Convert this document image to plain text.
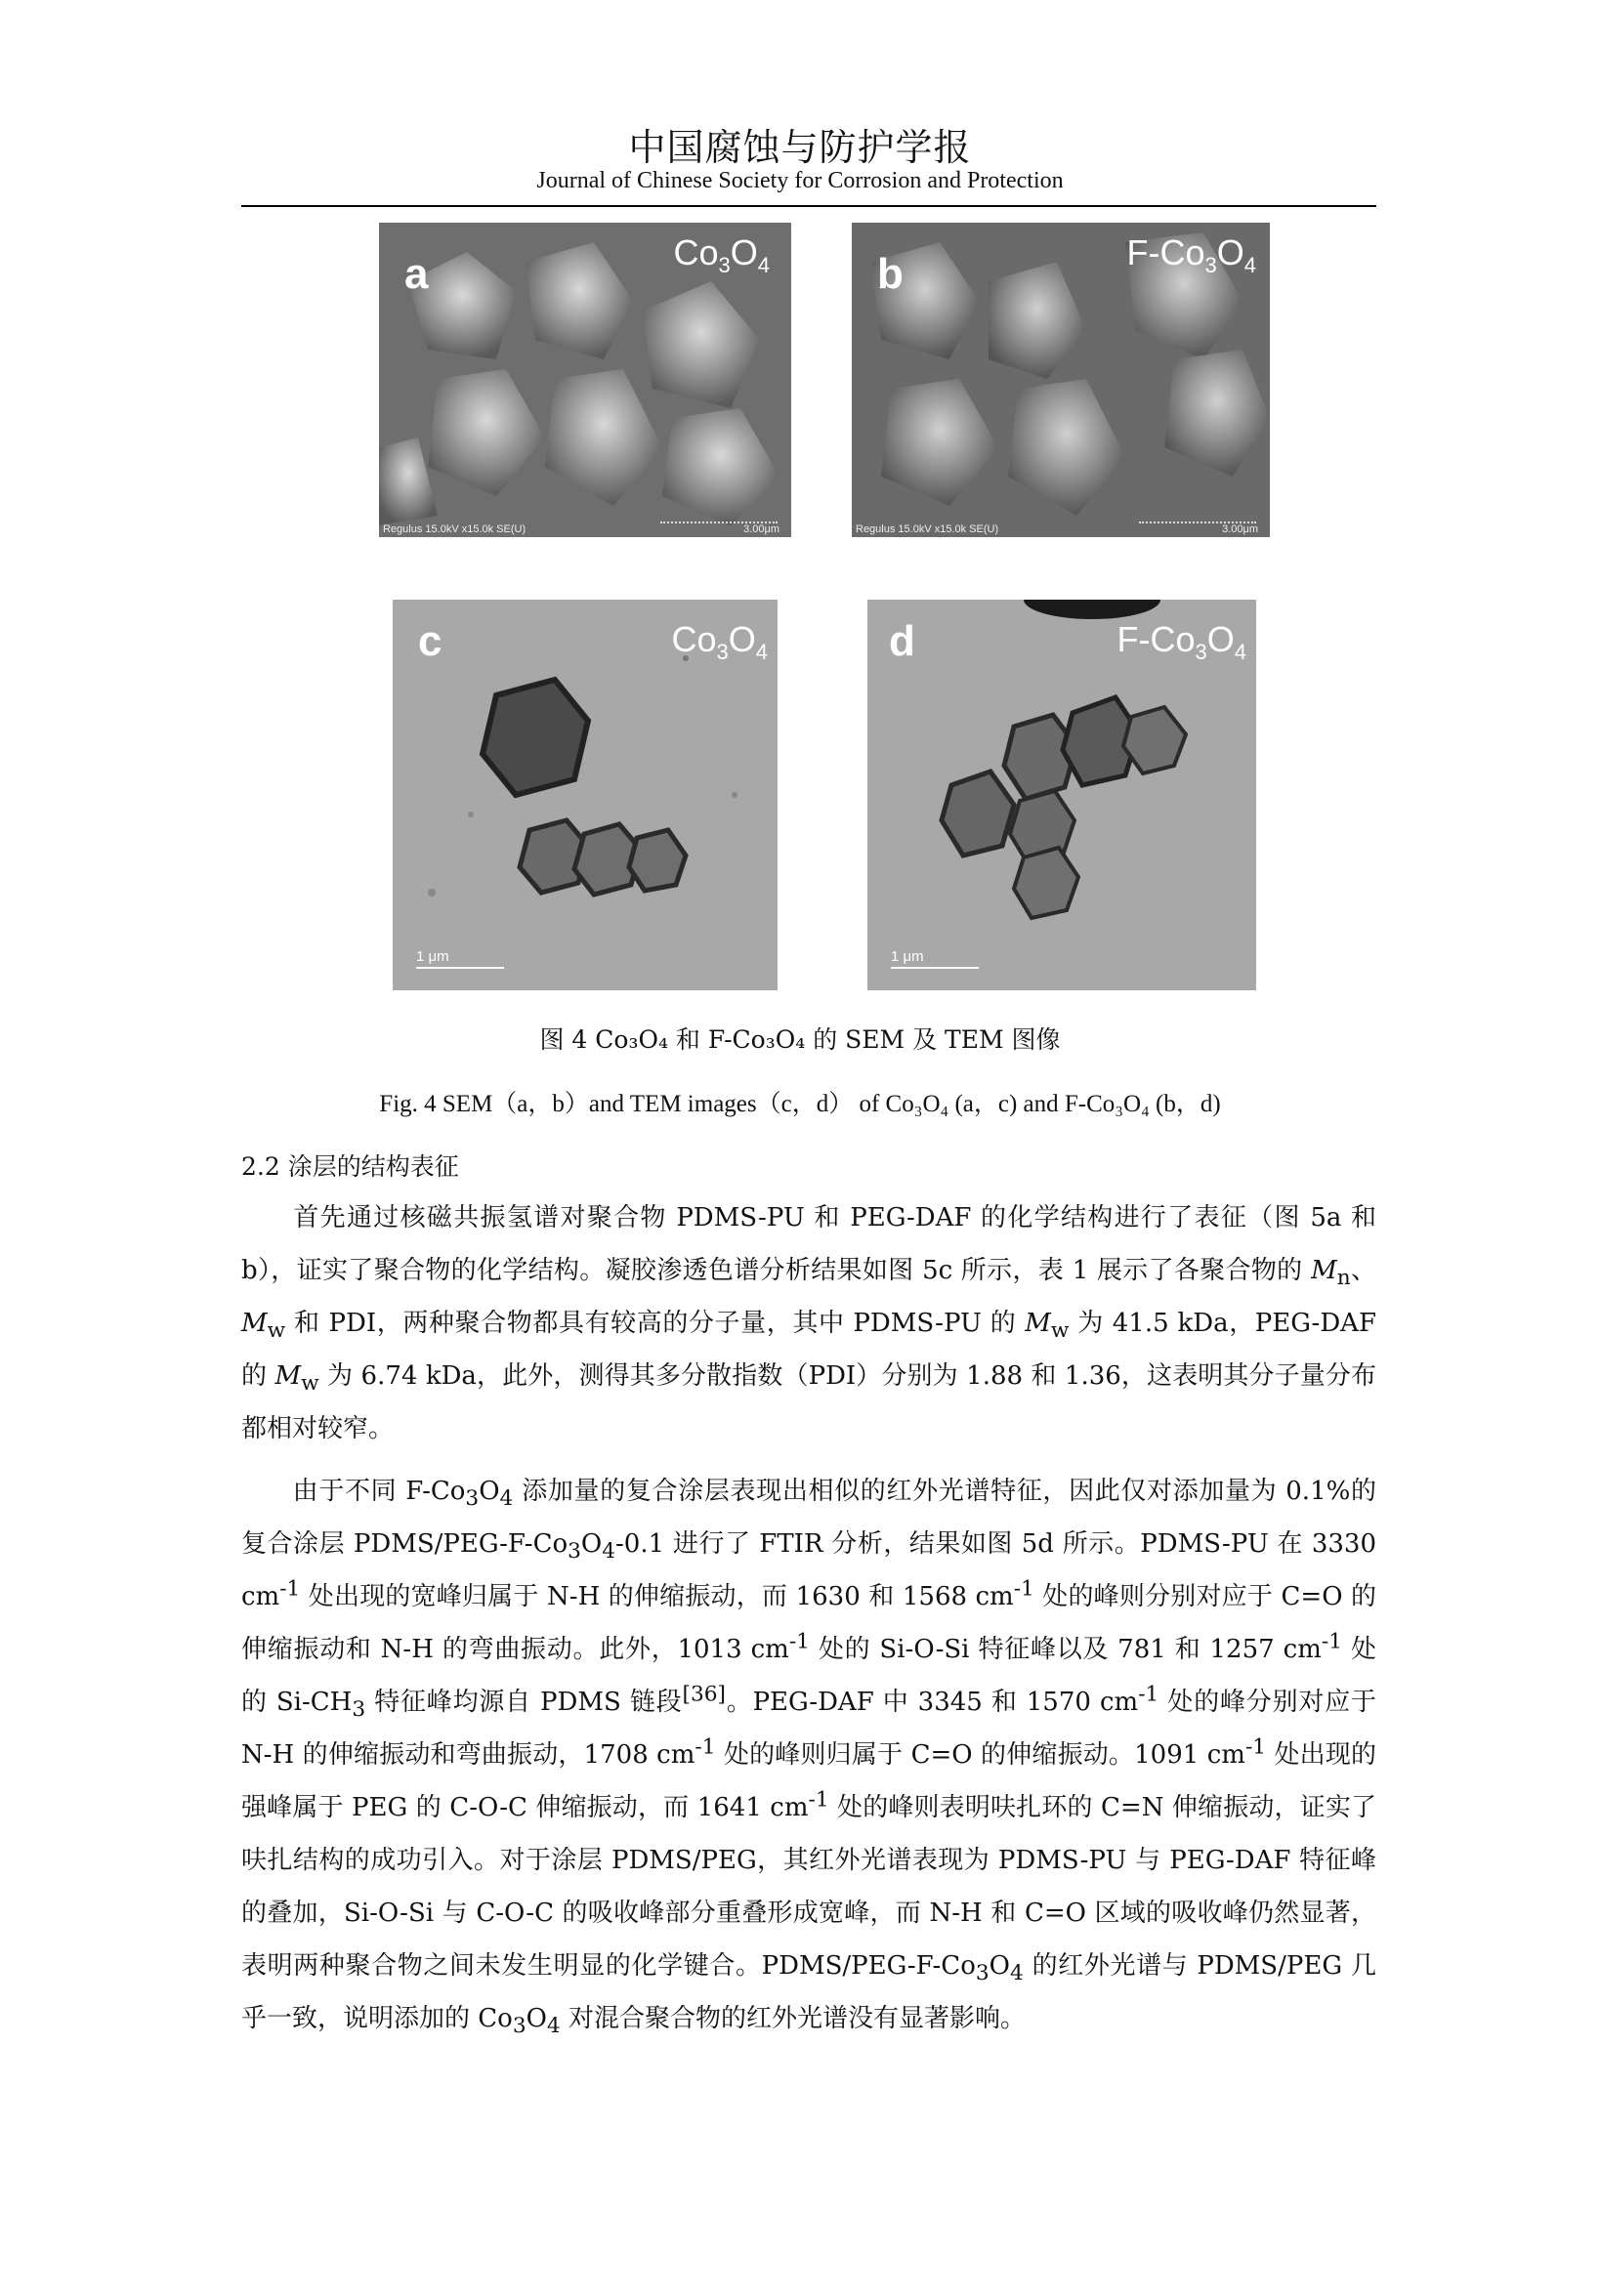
中国腐蚀与防护学报
Journal of Chinese Society for Corrosion and Protection
a	$Co_3O_4$
Regulus 15.0kV x15.0k SE(U)	3.00μm
b	$F-Co_3O_4$
Regulus 15.0kV x15.0k SE(U)	3.00μm
c	$Co_3O_4$
1 μm
d	$F-Co_3O_4$
1 μm
图 4 Co₃O₄ 和 F-Co₃O₄ 的 SEM 及 TEM 图像
Fig. 4 SEM（a，b）and TEM images（c，d） of Co₃O₄ (a，c) and F-Co₃O₄ (b，d)
2.2 涂层的结构表征
首先通过核磁共振氢谱对聚合物 PDMS-PU 和 PEG-DAF 的化学结构进行了表征（图 5a 和 b），证实了聚合物的化学结构。凝胶渗透色谱分析结果如图 5c 所示，表 1 展示了各聚合物的 $M_n$、$M_w$ 和 PDI，两种聚合物都具有较高的分子量，其中 PDMS-PU 的 $M_w$ 为 41.5 kDa，PEG-DAF 的 $M_w$ 为 6.74 kDa，此外，测得其多分散指数（PDI）分别为 1.88 和 1.36，这表明其分子量分布都相对较窄。
由于不同 $F-Co_3O_4$ 添加量的复合涂层表现出相似的红外光谱特征，因此仅对添加量为 0.1%的复合涂层 PDMS/$PEG-F-Co_3O_4-0.1$ 进行了 FTIR 分析，结果如图 5d 所示。PDMS-PU 在 3330 $cm^{-1}$ 处出现的宽峰归属于 N-H 的伸缩振动，而 1630 和 1568 $cm^{-1}$ 处的峰则分别对应于 C=O 的伸缩振动和 N-H 的弯曲振动。此外，1013 $cm^{-1}$ 处的 Si-O-Si 特征峰以及 781 和 1257 $cm^{-1}$ 处的 $Si-CH_3$ 特征峰均源自 PDMS 链段[36]。PEG-DAF 中 3345 和 1570 $cm^{-1}$ 处的峰分别对应于 N-H 的伸缩振动和弯曲振动，1708 $cm^{-1}$ 处的峰则归属于 C=O 的伸缩振动。1091 $cm^{-1}$ 处出现的强峰属于 PEG 的 C-O-C 伸缩振动，而 1641 $cm^{-1}$ 处的峰则表明呋扎环的 C=N 伸缩振动，证实了呋扎结构的成功引入。对于涂层 PDMS/PEG，其红外光谱表现为 PDMS-PU 与 PEG-DAF 特征峰的叠加，Si-O-Si 与 C-O-C 的吸收峰部分重叠形成宽峰，而 N-H 和 C=O 区域的吸收峰仍然显著，表明两种聚合物之间未发生明显的化学键合。PDMS/$PEG-F-Co_3O_4$ 的红外光谱与 PDMS/PEG 几乎一致，说明添加的 $Co_3O_4$ 对混合聚合物的红外光谱没有显著影响。
